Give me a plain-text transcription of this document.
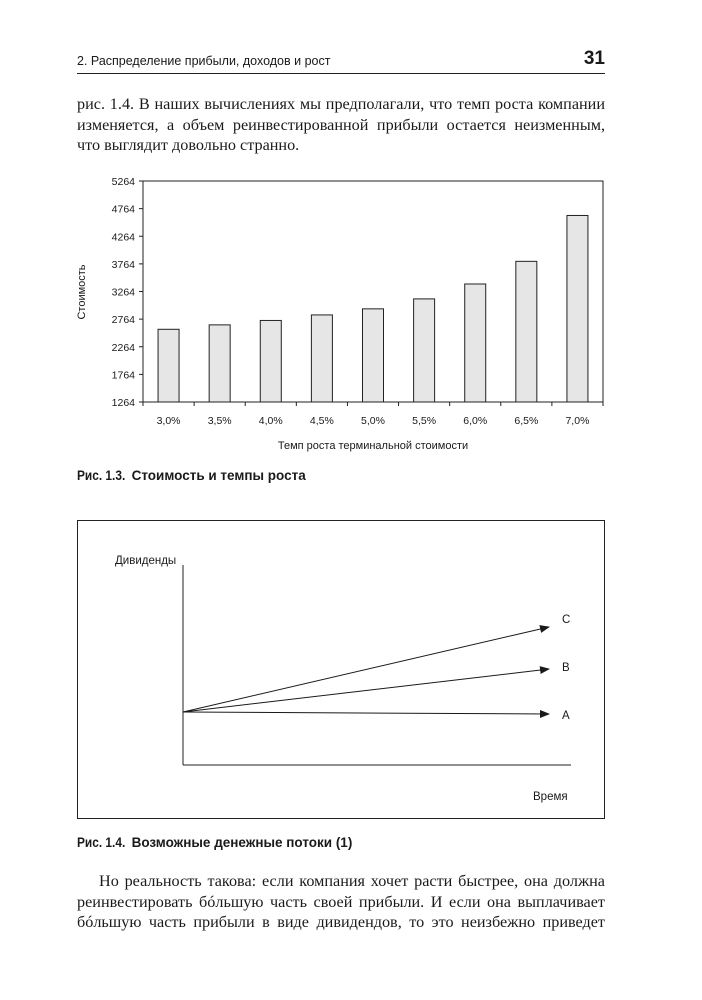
2. Распределение прибыли, доходов и рост	31

рис. 1.4. В наших вычислениях мы предполагали, что темп роста компании
изменяется, а объем реинвестированной прибыли остается неизменным,
что выглядит довольно странно.

1264
1764
2264
2764
3264
3764
4264
4764
5264
3,0%	3,5%	4,0%	4,5%	5,0%	5,5%	6,0%	6,5%	7,0%
Темп роста терминальной стоимости
Стоимость
Рис. 1.3. Стоимость и темпы роста
Дивиденды
Время
C
B
A
Рис. 1.4. Возможные денежные потоки (1)

Но реальность такова: если компания хочет расти быстрее, она должна
реинвестировать бóльшую часть своей прибыли. И если она выплачивает
бóльшую часть прибыли в виде дивидендов, то это неизбежно приведет
